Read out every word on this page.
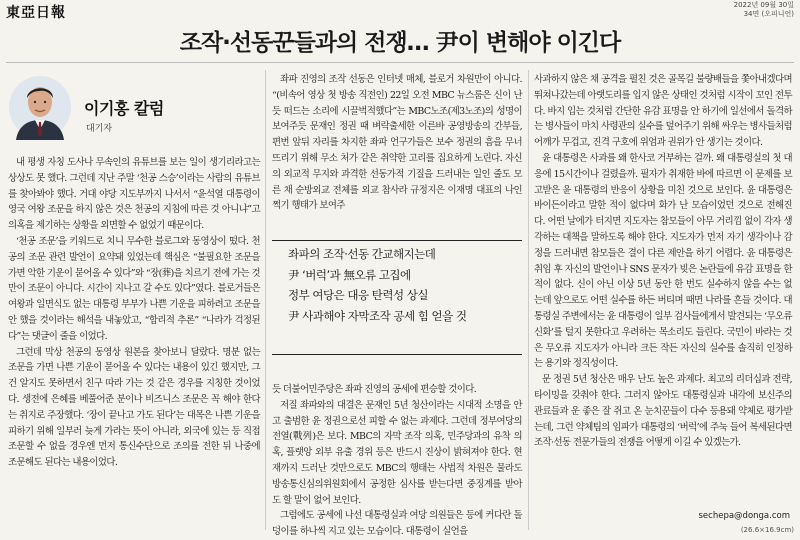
東亞日報	2022년 09월 30일
34면 (오피니언)
조작·선동꾼들과의 전쟁… 尹이 변해야 이긴다
이기홍 칼럼
대기자

내 평생 자칭 도사나 무속인의 유튜브를 보는 일이 생기리라고는 상상도 못 했다. 그런데 지난 주말 ‘천공 스승’이라는 사람의 유튜브를 찾아봐야 했다. 거대 야당 지도부까지 나서서 “윤석열 대통령이 영국 여왕 조문을 하지 않은 것은 천공의 지침에 따른 것 아니냐”고 의혹을 제기하는 상황을 외면할 수 없었기 때문이다.

‘천공 조문’을 키워드로 치니 무수한 블로그와 동영상이 떴다. 천공의 조문 관련 발언이 요약돼 있었는데 핵심은 “불필요한 조문을 가면 악한 기운이 묻어올 수 있다”와 “장(葬)을 치르기 전에 가는 것만이 조문이 아니다. 시간이 지나고 갈 수도 있다”였다. 블로거들은 여왕과 일면식도 없는 대통령 부부가 나쁜 기운을 피하려고 조문을 안 했을 것이라는 해석을 내놓았고, “합리적 추론” “나라가 걱정된다”는 댓글이 줄을 이었다.

그런데 막상 천공의 동영상 원본을 찾아보니 달랐다. 명분 없는 조문을 가면 나쁜 기운이 묻어올 수 있다는 내용이 있긴 했지만, 그건 알지도 못하면서 친구 따라 가는 것 같은 경우를 지칭한 것이었다. 생전에 은혜를 베풀어준 분이나 비즈니스 조문은 꼭 해야 한다는 취지로 주장했다. ‘장이 끝나고 가도 된다’는 대목은 나쁜 기운을 피하기 위해 일부러 늦게 가라는 뜻이 아니라, 외국에 있는 등 직접 조문할 수 없을 경우엔 먼저 통신수단으로 조의를 전한 뒤 나중에 조문해도 된다는 내용이었다.

좌파 진영의 조작 선동은 인터넷 매체, 블로거 차원만이 아니다. “(비속어 영상 첫 방송 직전인) 22일 오전 MBC 뉴스룸은 신이 난 듯 떠드는 소리에 시끌벅적했다”는 MBC노조(제3노조)의 성명이 보여주듯 문재인 정권 때 벼락출세한 이른바 공영방송의 간부들, 편번 앞뒤 자리를 차지한 좌파 언구가들은 보수 정권의 흠을 무너뜨리기 위해 무소 처가 같은 취약한 고리를 집요하게 노린다. 자신의 외교적 무지와 과격한 선동가적 기질을 드러내는 일인 줄도 모른 채 순방외교 전체를 외교 참사라 규정지은 이재명 대표의 나인쩍기 행태가 보여주

좌파의 조작·선동 간교해지는데
尹 ‘버럭’과 無오류 고집에
정부 여당은 대응 탄력성 상실
尹 사과해야 자막조작 공세 힘 얻을 것

듯 더불어민주당은 좌파 진영의 공세에 편승할 것이다.

저질 좌파와의 대결은 문재인 5년 청산이라는 시대적 소명을 안고 출범한 윤 정권으로선 피할 수 없는 과제다. 그런데 정부여당의 전열(戰列)은 보다. MBC의 자막 조작 의혹, 민주당과의 유착 의혹, 플랫앙 외부 유출 경위 등은 반드시 진상이 밝혀져야 한다. 현재까지 드러난 것만으로도 MBC의 행태는 사법적 차원은 물라도 방송통신심의위원회에서 공정한 심사를 받는다면 중징계를 받아도 할 말이 없어 보인다.

그럼에도 공세에 나선 대통령실과 여당 의원들은 등에 커다란 돌덩이를 하나씩 지고 있는 모습이다. 대통령이 실언을

사과하지 않은 채 공격을 펼친 것은 골목길 불량배들을 쫓아내겠다며 뛰쳐나갔는데 아랫도리를 입지 않은 상태인 것처럼 시작이 꼬인 전투다. 바지 입는 것처럼 간단한 유감 표명을 안 하기에 일선에서 돌격하는 병사들이 마치 사령관의 실수를 덮어주기 위해 싸우는 병사들처럼 어깨가 무겁고, 진격 구호에 위엄과 권위가 안 생기는 것이다.

윤 대통령은 사과를 왜 한사코 거부하는 걸까. 왜 대통령실의 첫 대응에 15시간이나 걸렸을까. 필자가 취재한 바에 따르면 이 문제를 보고받은 윤 대통령의 반응이 상황을 미친 것으로 보인다. 윤 대통령은 바이든이라고 말한 적이 없다며 화가 난 모습이었던 것으로 전해진다. 어떤 날에가 터지면 지도자는 참모들이 아무 거리낌 없이 각자 생각하는 대책을 말하도록 해야 한다. 지도자가 먼저 자기 생각이나 감정을 드러내면 참모들은 결이 다른 제안을 하기 어렵다. 윤 대통령은 취임 후 자신의 발언이나 SNS 문자가 빚은 논란들에 유감 표명을 한 적이 없다. 신이 아닌 이상 5년 동안 한 번도 실수하지 않을 수는 없는데 앞으로도 어떤 실수를 하든 버티며 때면 나라를 흔들 것이다. 대통령실 주변에서는 윤 대통령이 일부 검사들에게서 발견되는 ‘무오류 신화’를 털지 못한다고 우려하는 목소리도 들린다. 국민이 바라는 것은 무오류 지도자가 아니라 크든 작든 자신의 실수를 솔직히 인정하는 용기와 정직성이다.

문 정권 5년 청산은 매우 난도 높은 과제다. 최고의 리더십과 전략, 타이밍을 갖춰야 한다. 그러지 않아도 대통령실과 내각에 보신주의 관료들과 운 좋은 잘 쥐고 온 눈치꾼들이 다수 등용돼 약체로 평가받는데, 그런 약체팀의 임파가 대통령의 ‘버럭’에 주눅 들어 복세된다면 조작·선동 전문가들의 전쟁을 어떻게 이길 수 있겠는가.

sechepa@donga.com
(26.6×16.9cm)
